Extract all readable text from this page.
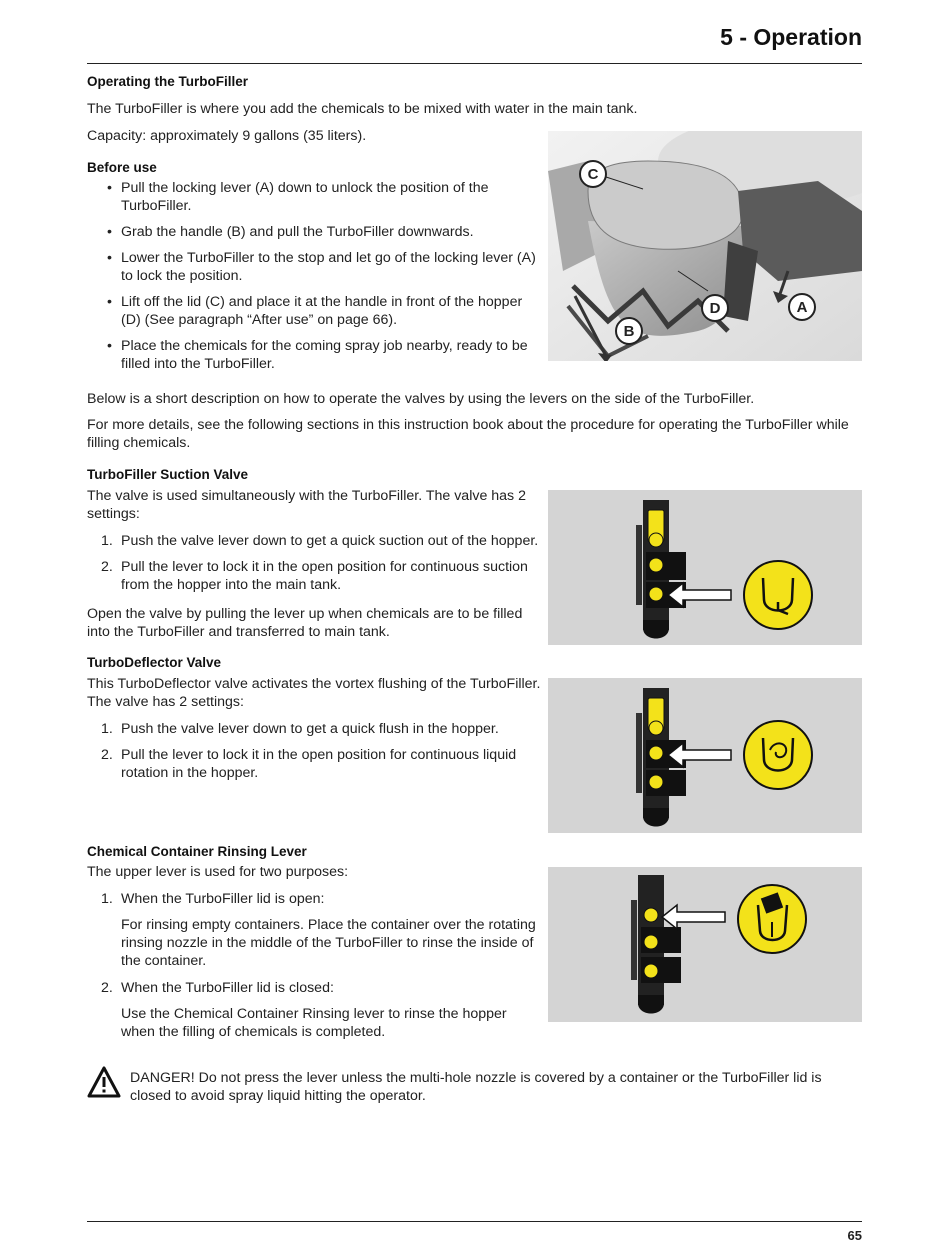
5 - Operation
Operating the TurboFiller

The TurboFiller is where you add the chemicals to be mixed with water in the main tank.

Capacity: approximately 9 gallons (35 liters).

Before use
• Pull the locking lever (A) down to unlock the position of the TurboFiller.
• Grab the handle (B) and pull the TurboFiller downwards.
• Lower the TurboFiller to the stop and let go of the locking lever (A) to lock the position.
• Lift off the lid (C) and place it at the handle in front of the hopper (D) (See paragraph “After use” on page 66).
• Place the chemicals for the coming spray job nearby, ready to be filled into the TurboFiller.
C
D	A
B

Below is a short description on how to operate the valves by using the levers on the side of the TurboFiller.

For more details, see the following sections in this instruction book about the procedure for operating the TurboFiller while filling chemicals.

TurboFiller Suction Valve

The valve is used simultaneously with the TurboFiller. The valve has 2 settings:

1. Push the valve lever down to get a quick suction out of the hopper.
2. Pull the lever to lock it in the open position for continuous suction from the hopper into the main tank.

Open the valve by pulling the lever up when chemicals are to be filled into the TurboFiller and transferred to main tank.

TurboDeflector Valve

This TurboDeflector valve activates the vortex flushing of the TurboFiller. The valve has 2 settings:

1. Push the valve lever down to get a quick flush in the hopper.
2. Pull the lever to lock it in the open position for continuous liquid rotation in the hopper.
Chemical Container Rinsing Lever

The upper lever is used for two purposes:

1. When the TurboFiller lid is open:

For rinsing empty containers. Place the container over the rotating rinsing nozzle in the middle of the TurboFiller to rinse the inside of the container.

2. When the TurboFiller lid is closed:

Use the Chemical Container Rinsing lever to rinse the hopper when the filling of chemicals is completed.

DANGER! Do not press the lever unless the multi-hole nozzle is covered by a container or the TurboFiller lid is closed to avoid spray liquid hitting the operator.

65
